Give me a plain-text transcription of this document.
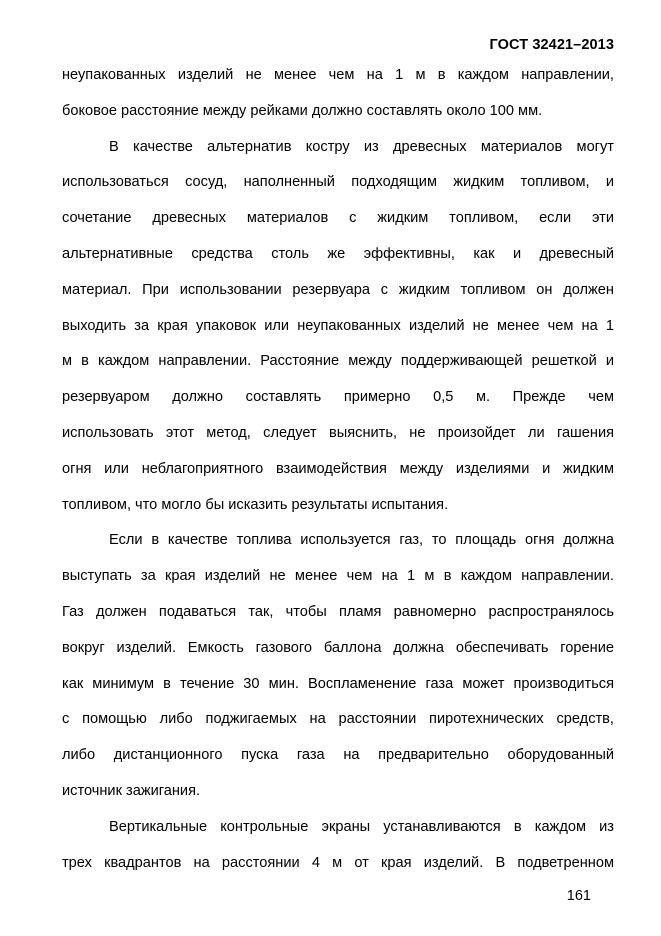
ГОСТ 32421–2013
неупакованных изделий не менее чем на 1 м в каждом направлении,
боковое расстояние между рейками должно составлять около 100 мм.
В качестве альтернатив костру из древесных материалов могут
использоваться сосуд, наполненный подходящим жидким топливом, и
сочетание древесных материалов с жидким топливом, если эти
альтернативные средства столь же эффективны, как и древесный
материал. При использовании резервуара с жидким топливом он должен
выходить за края упаковок или неупакованных изделий не менее чем на 1
м в каждом направлении. Расстояние между поддерживающей решеткой и
резервуаром должно составлять примерно 0,5 м. Прежде чем
использовать этот метод, следует выяснить, не произойдет ли гашения
огня или неблагоприятного взаимодействия между изделиями и жидким
топливом, что могло бы исказить результаты испытания.
Если в качестве топлива используется газ, то площадь огня должна
выступать за края изделий не менее чем на 1 м в каждом направлении.
Газ должен подаваться так, чтобы пламя равномерно распространялось
вокруг изделий. Емкость газового баллона должна обеспечивать горение
как минимум в течение 30 мин. Воспламенение газа может производиться
с помощью либо поджигаемых на расстоянии пиротехнических средств,
либо дистанционного пуска газа на предварительно оборудованный
источник зажигания.
Вертикальные контрольные экраны устанавливаются в каждом из
трех квадрантов на расстоянии 4 м от края изделий. В подветренном
161
